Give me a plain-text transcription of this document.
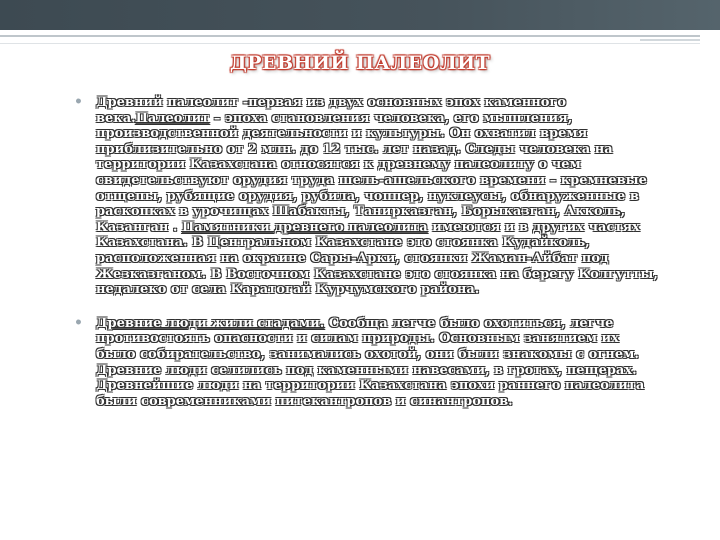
ДРЕВНИЙ ПАЛЕОЛИТ

• Древний палеолит -первая из двух основных эпох каменного века.Палеолит – эпоха становления человека, его мышления, производственной деятельности и культуры. Он охватил время приблизительно от 2 млн. до 12 тыс. лет назад. Следы человека на территории Казахстана относятся к древнему палеолиту о чем свидетельствуют орудия труда шель-ашельского времени – кремневые отщепы, рубящие орудия, рубила, чоппер, нуклеусы, обнаруженные в раскопках в урочищах Шабакты, Танирказган, Борыказган, Акколь, Казанган . Памятники древнего палеолита имеются и в других частях Казахстана. В Центральном Казахстане это стоянка Кудайколь, расположенная на окраине Сары-Арки, стоянки Жаман-Айбат под Жезказганом. В Восточном Казахстане это стоянка на берегу Колгутты, недалеко от села Каратогай Курчумского района.

• Древние люди жили стадами. Сообща легче было охотиться, легче противостоять опасности и силам природы. Основным занятием их было собирательство, занимались охотой, они были знакомы с огнем. Древние люди селились под каменными навесами, в гротах, пещерах. Древнейшие люди на территории Казахстана эпохи раннего палеолита были современниками питекантропов и синантропов.
